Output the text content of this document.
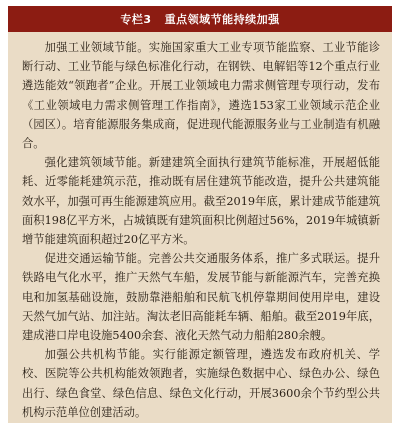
专栏3
重点领域节能持续加强

加强工业领域节能。实施国家重大工业专项节能监察、工业节能诊断行动、工业节能与绿色标准化行动，在钢铁、电解铝等12个重点行业遴选能效“领跑者”企业。开展工业领域电力需求侧管理专项行动，发布《工业领域电力需求侧管理工作指南》，遴选153家工业领域示范企业（园区）。培育能源服务集成商，促进现代能源服务业与工业制造有机融合。

强化建筑领域节能。新建建筑全面执行建筑节能标准，开展超低能耗、近零能耗建筑示范，推动既有居住建筑节能改造，提升公共建筑能效水平，加强可再生能源建筑应用。截至2019年底，累计建成节能建筑面积198亿平方米，占城镇既有建筑面积比例超过56%，2019年城镇新增节能建筑面积超过20亿平方米。

促进交通运输节能。完善公共交通服务体系，推广多式联运。提升铁路电气化水平，推广天然气车船，发展节能与新能源汽车，完善充换电和加氢基础设施，鼓励靠港船舶和民航飞机停靠期间使用岸电，建设天然气加气站、加注站。淘汰老旧高能耗车辆、船舶。截至2019年底，建成港口岸电设施5400余套、液化天然气动力船舶280余艘。

加强公共机构节能。实行能源定额管理，遴选发布政府机关、学校、医院等公共机构能效领跑者，实施绿色数据中心、绿色办公、绿色出行、绿色食堂、绿色信息、绿色文化行动，开展3600余个节约型公共机构示范单位创建活动。
